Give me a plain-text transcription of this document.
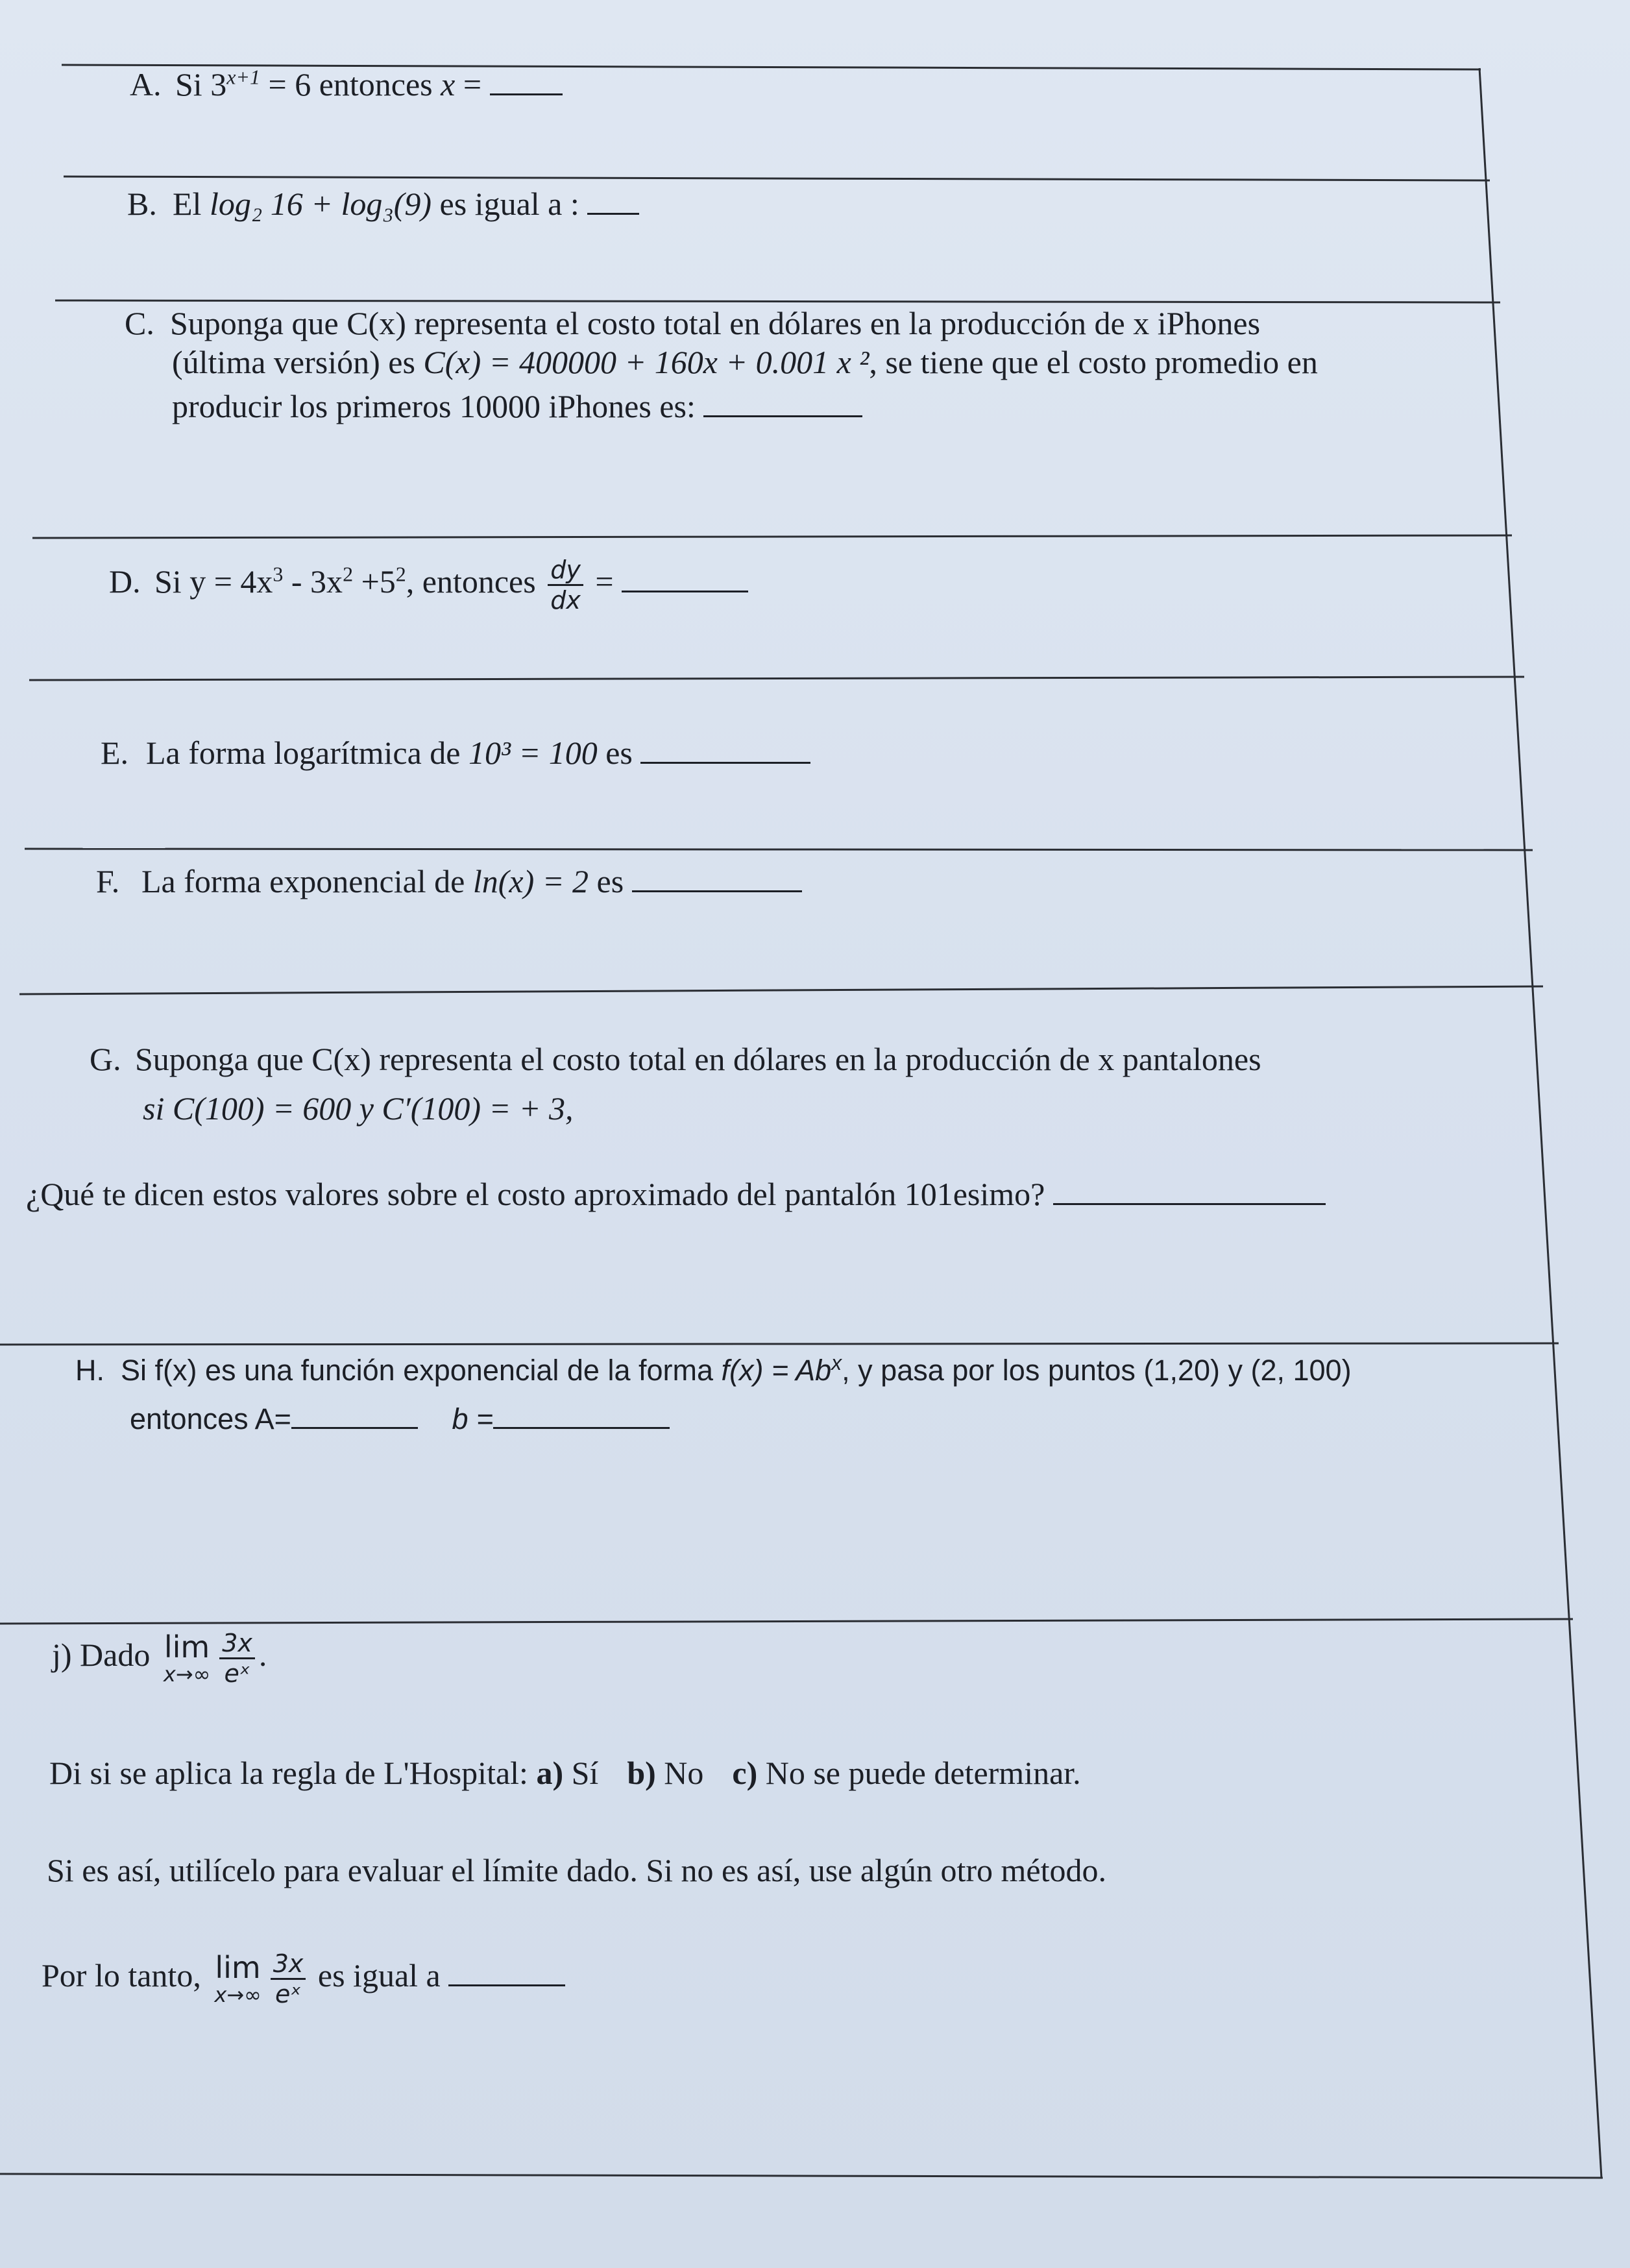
A. Si $3^{x+1} = 6$ entonces x =
B. El log₂ 16 + log₃(9) es igual a :
C. Suponga que C(x) representa el costo total en dólares en la producción de x iPhones
(última versión) es C(x) = 400000 + 160x + 0.001 x ², se tiene que el costo promedio en
producir los primeros 10000 iPhones es:
D. Si $y = 4x^3 - 3x^2 +5^2$, entonces $\frac{dy}{dx}$ =
E. La forma logarítmica de 10³ = 100 es
F. La forma exponencial de ln(x) = 2 es
G. Suponga que C(x) representa el costo total en dólares en la producción de x pantalones
si C(100) = 600 y C′(100) = + 3,
¿Qué te dicen estos valores sobre el costo aproximado del pantalón 101esimo?
H. Si f(x) es una función exponencial de la forma $f(x) = Ab^x$, y pasa por los puntos (1,20) y (2, 100)
entonces A=	b =
j) Dado lim
$x\to\infty \frac{3x}{\text{eˣ}}$ .
Di si se aplica la regla de L'Hospital: a) Sí b) No c) No se puede determinar.
Si es así, utilícelo para evaluar el límite dado. Si no es así, use algún otro método.
Por lo tanto, lim
$x\to\infty \frac{3x}{\text{eˣ}}$ es igual a
